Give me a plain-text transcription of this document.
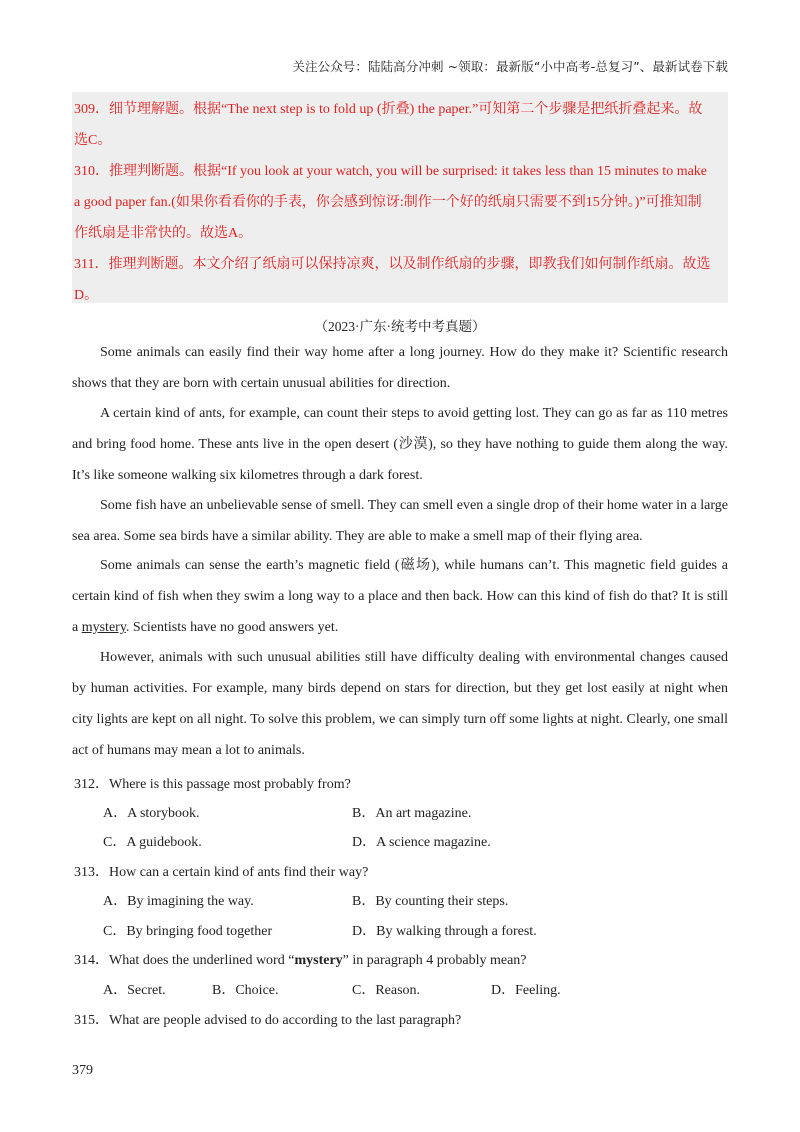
关注公众号：陆陆高分冲刺 ~领取：最新版“小中高考-总复习”、最新试卷下载
309．细节理解题。根据“The next step is to fold up (折叠) the paper.”可知第二个步骤是把纸折叠起来。故
选C。
310．推理判断题。根据“If you look at your watch, you will be surprised: it takes less than 15 minutes to make
a good paper fan.(如果你看看你的手表，你会感到惊讶:制作一个好的纸扇只需要不到15分钟。)”可推知制
作纸扇是非常快的。故选A。
311．推理判断题。本文介绍了纸扇可以保持凉爽，以及制作纸扇的步骤，即教我们如何制作纸扇。故选
D。
（2023·广东·统考中考真题）

Some animals can easily find their way home after a long journey. How do they make it? Scientific research shows that they are born with certain unusual abilities for direction.

A certain kind of ants, for example, can count their steps to avoid getting lost. They can go as far as 110 metres and bring food home. These ants live in the open desert (沙漠), so they have nothing to guide them along the way. It’s like someone walking six kilometres through a dark forest.

Some fish have an unbelievable sense of smell. They can smell even a single drop of their home water in a large sea area. Some sea birds have a similar ability. They are able to make a smell map of their flying area.

Some animals can sense the earth’s magnetic field (磁场), while humans can’t. This magnetic field guides a certain kind of fish when they swim a long way to a place and then back. How can this kind of fish do that? It is still a mystery. Scientists have no good answers yet.

However, animals with such unusual abilities still have difficulty dealing with environmental changes caused by human activities. For example, many birds depend on stars for direction, but they get lost easily at night when city lights are kept on all night. To solve this problem, we can simply turn off some lights at night. Clearly, one small act of humans may mean a lot to animals.

312．Where is this passage most probably from?
A．A storybook.	B．An art magazine.
C．A guidebook.	D．A science magazine.
313．How can a certain kind of ants find their way?
A．By imagining the way.	B．By counting their steps.
C．By bringing food together	D．By walking through a forest.
314．What does the underlined word “mystery” in paragraph 4 probably mean?
A．Secret.	B．Choice.	C．Reason.	D．Feeling.
315．What are people advised to do according to the last paragraph?
379
